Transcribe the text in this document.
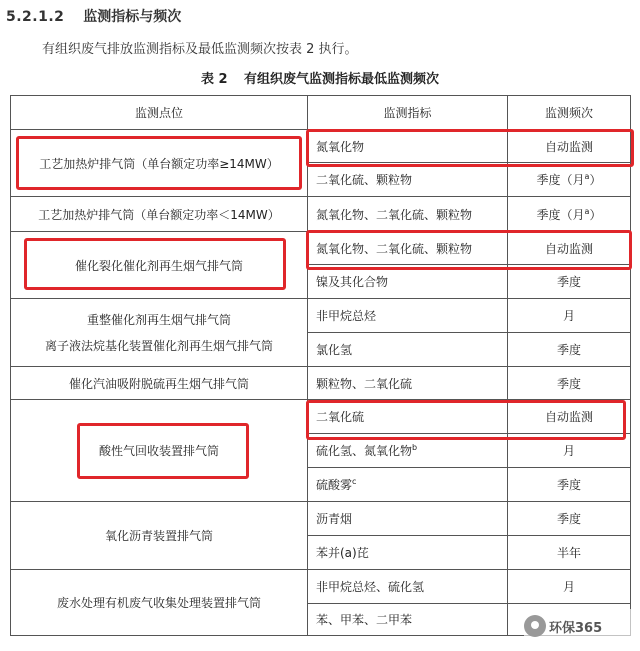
5.2.1.2 监测指标与频次
有组织废气排放监测指标及最低监测频次按表 2 执行。
表 2 有组织废气监测指标最低监测频次
监测点位	监测指标	监测频次
工艺加热炉排气筒（单台额定功率≥14MW）	氮氧化物	自动监测
	二氧化硫、颗粒物	季度（月$^a$）
工艺加热炉排气筒（单台额定功率＜14MW）	氮氧化物、二氧化硫、颗粒物	季度（月$^a$）
催化裂化催化剂再生烟气排气筒	氮氧化物、二氧化硫、颗粒物	自动监测
	镍及其化合物	季度

重整催化剂再生烟气排气筒
离子液法烷基化装置催化剂再生烟气排气筒	非甲烷总烃	月
	氯化氢	季度
催化汽油吸附脱硫再生烟气排气筒	颗粒物、二氧化硫	季度
酸性气回收装置排气筒	二氧化硫	自动监测
	硫化氢、氮氧化物$^b$	月
	硫酸雾$^c$	季度
氧化沥青装置排气筒	沥青烟	季度
	苯并(a)芘	半年
废水处理有机废气收集处理装置排气筒	非甲烷总烃、硫化氢	月
	苯、甲苯、二甲苯	
环保365
